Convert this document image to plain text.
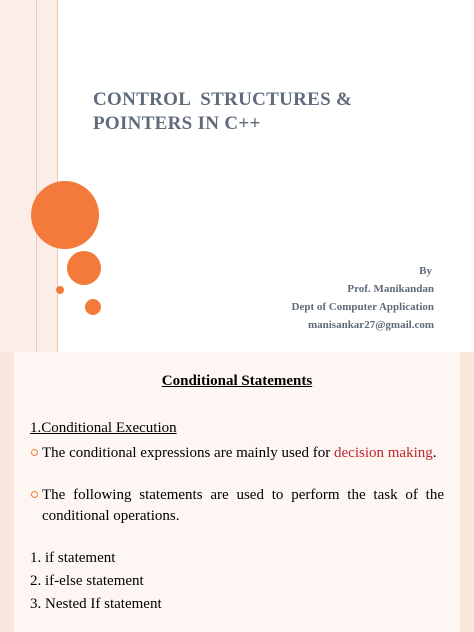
CONTROL  STRUCTURES &
POINTERS IN C++
By
Prof. Manikandan
Dept of Computer Application
manisankar27@gmail.com
Conditional Statements
1.Conditional Execution
The conditional expressions are mainly used for decision making.
The following statements are used to perform the task of the conditional operations.
1. if statement
2. if-else statement
3. Nested If statement
